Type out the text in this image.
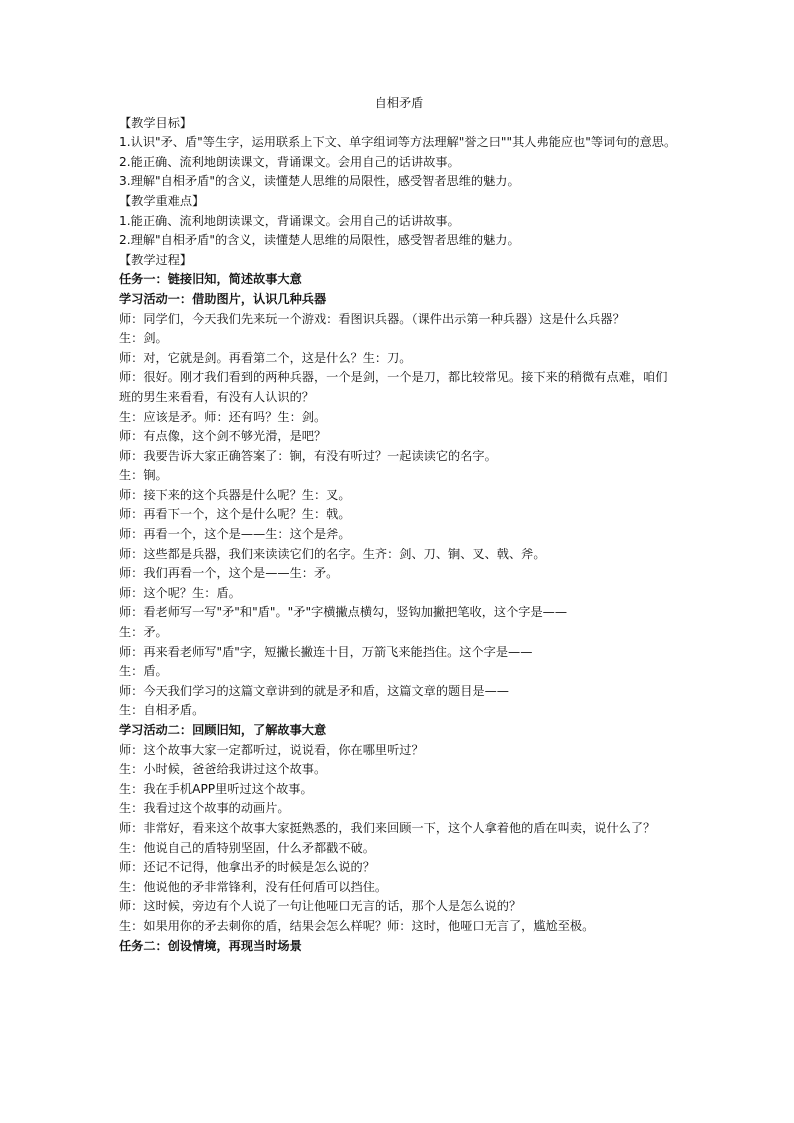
自相矛盾

【教学目标】

1.认识"矛、盾"等生字，运用联系上下文、单字组词等方法理解"誉之曰""其人弗能应也"等词句的意思。

2.能正确、流利地朗读课文，背诵课文。会用自己的话讲故事。

3.理解"自相矛盾"的含义，读懂楚人思维的局限性，感受智者思维的魅力。

【教学重难点】

1.能正确、流利地朗读课文，背诵课文。会用自己的话讲故事。

2.理解"自相矛盾"的含义，读懂楚人思维的局限性，感受智者思维的魅力。

【教学过程】

任务一：链接旧知，简述故事大意

学习活动一：借助图片，认识几种兵器

师：同学们，今天我们先来玩一个游戏：看图识兵器。（课件出示第一种兵器）这是什么兵器？

生：剑。

师：对，它就是剑。再看第二个，这是什么？生：刀。

师：很好。刚才我们看到的两种兵器，一个是剑，一个是刀，都比较常见。接下来的稍微有点难，咱们班的男生来看看，有没有人认识的？

生：应该是矛。师：还有吗？生：剑。

师：有点像，这个剑不够光滑，是吧？

师：我要告诉大家正确答案了：锏，有没有听过？一起读读它的名字。

生：锏。

师：接下来的这个兵器是什么呢？生：叉。

师：再看下一个，这个是什么呢？生：戟。

师：再看一个，这个是——生：这个是斧。

师：这些都是兵器，我们来读读它们的名字。生齐：剑、刀、锏、叉、戟、斧。

师：我们再看一个，这个是——生：矛。

师：这个呢？生：盾。

师：看老师写一写"矛"和"盾"。"矛"字横撇点横勾，竖钩加撇把笔收，这个字是——

生：矛。

师：再来看老师写"盾"字，短撇长撇连十目，万箭飞来能挡住。这个字是——

生：盾。

师：今天我们学习的这篇文章讲到的就是矛和盾，这篇文章的题目是——

生：自相矛盾。

学习活动二：回顾旧知，了解故事大意

师：这个故事大家一定都听过，说说看，你在哪里听过？

生：小时候，爸爸给我讲过这个故事。

生：我在手机APP里听过这个故事。

生：我看过这个故事的动画片。

师：非常好，看来这个故事大家挺熟悉的，我们来回顾一下，这个人拿着他的盾在叫卖，说什么了？

生：他说自己的盾特别坚固，什么矛都戳不破。

师：还记不记得，他拿出矛的时候是怎么说的？

生：他说他的矛非常锋利，没有任何盾可以挡住。

师：这时候，旁边有个人说了一句让他哑口无言的话，那个人是怎么说的？

生：如果用你的矛去刺你的盾，结果会怎么样呢？师：这时，他哑口无言了，尴尬至极。

任务二：创设情境，再现当时场景
